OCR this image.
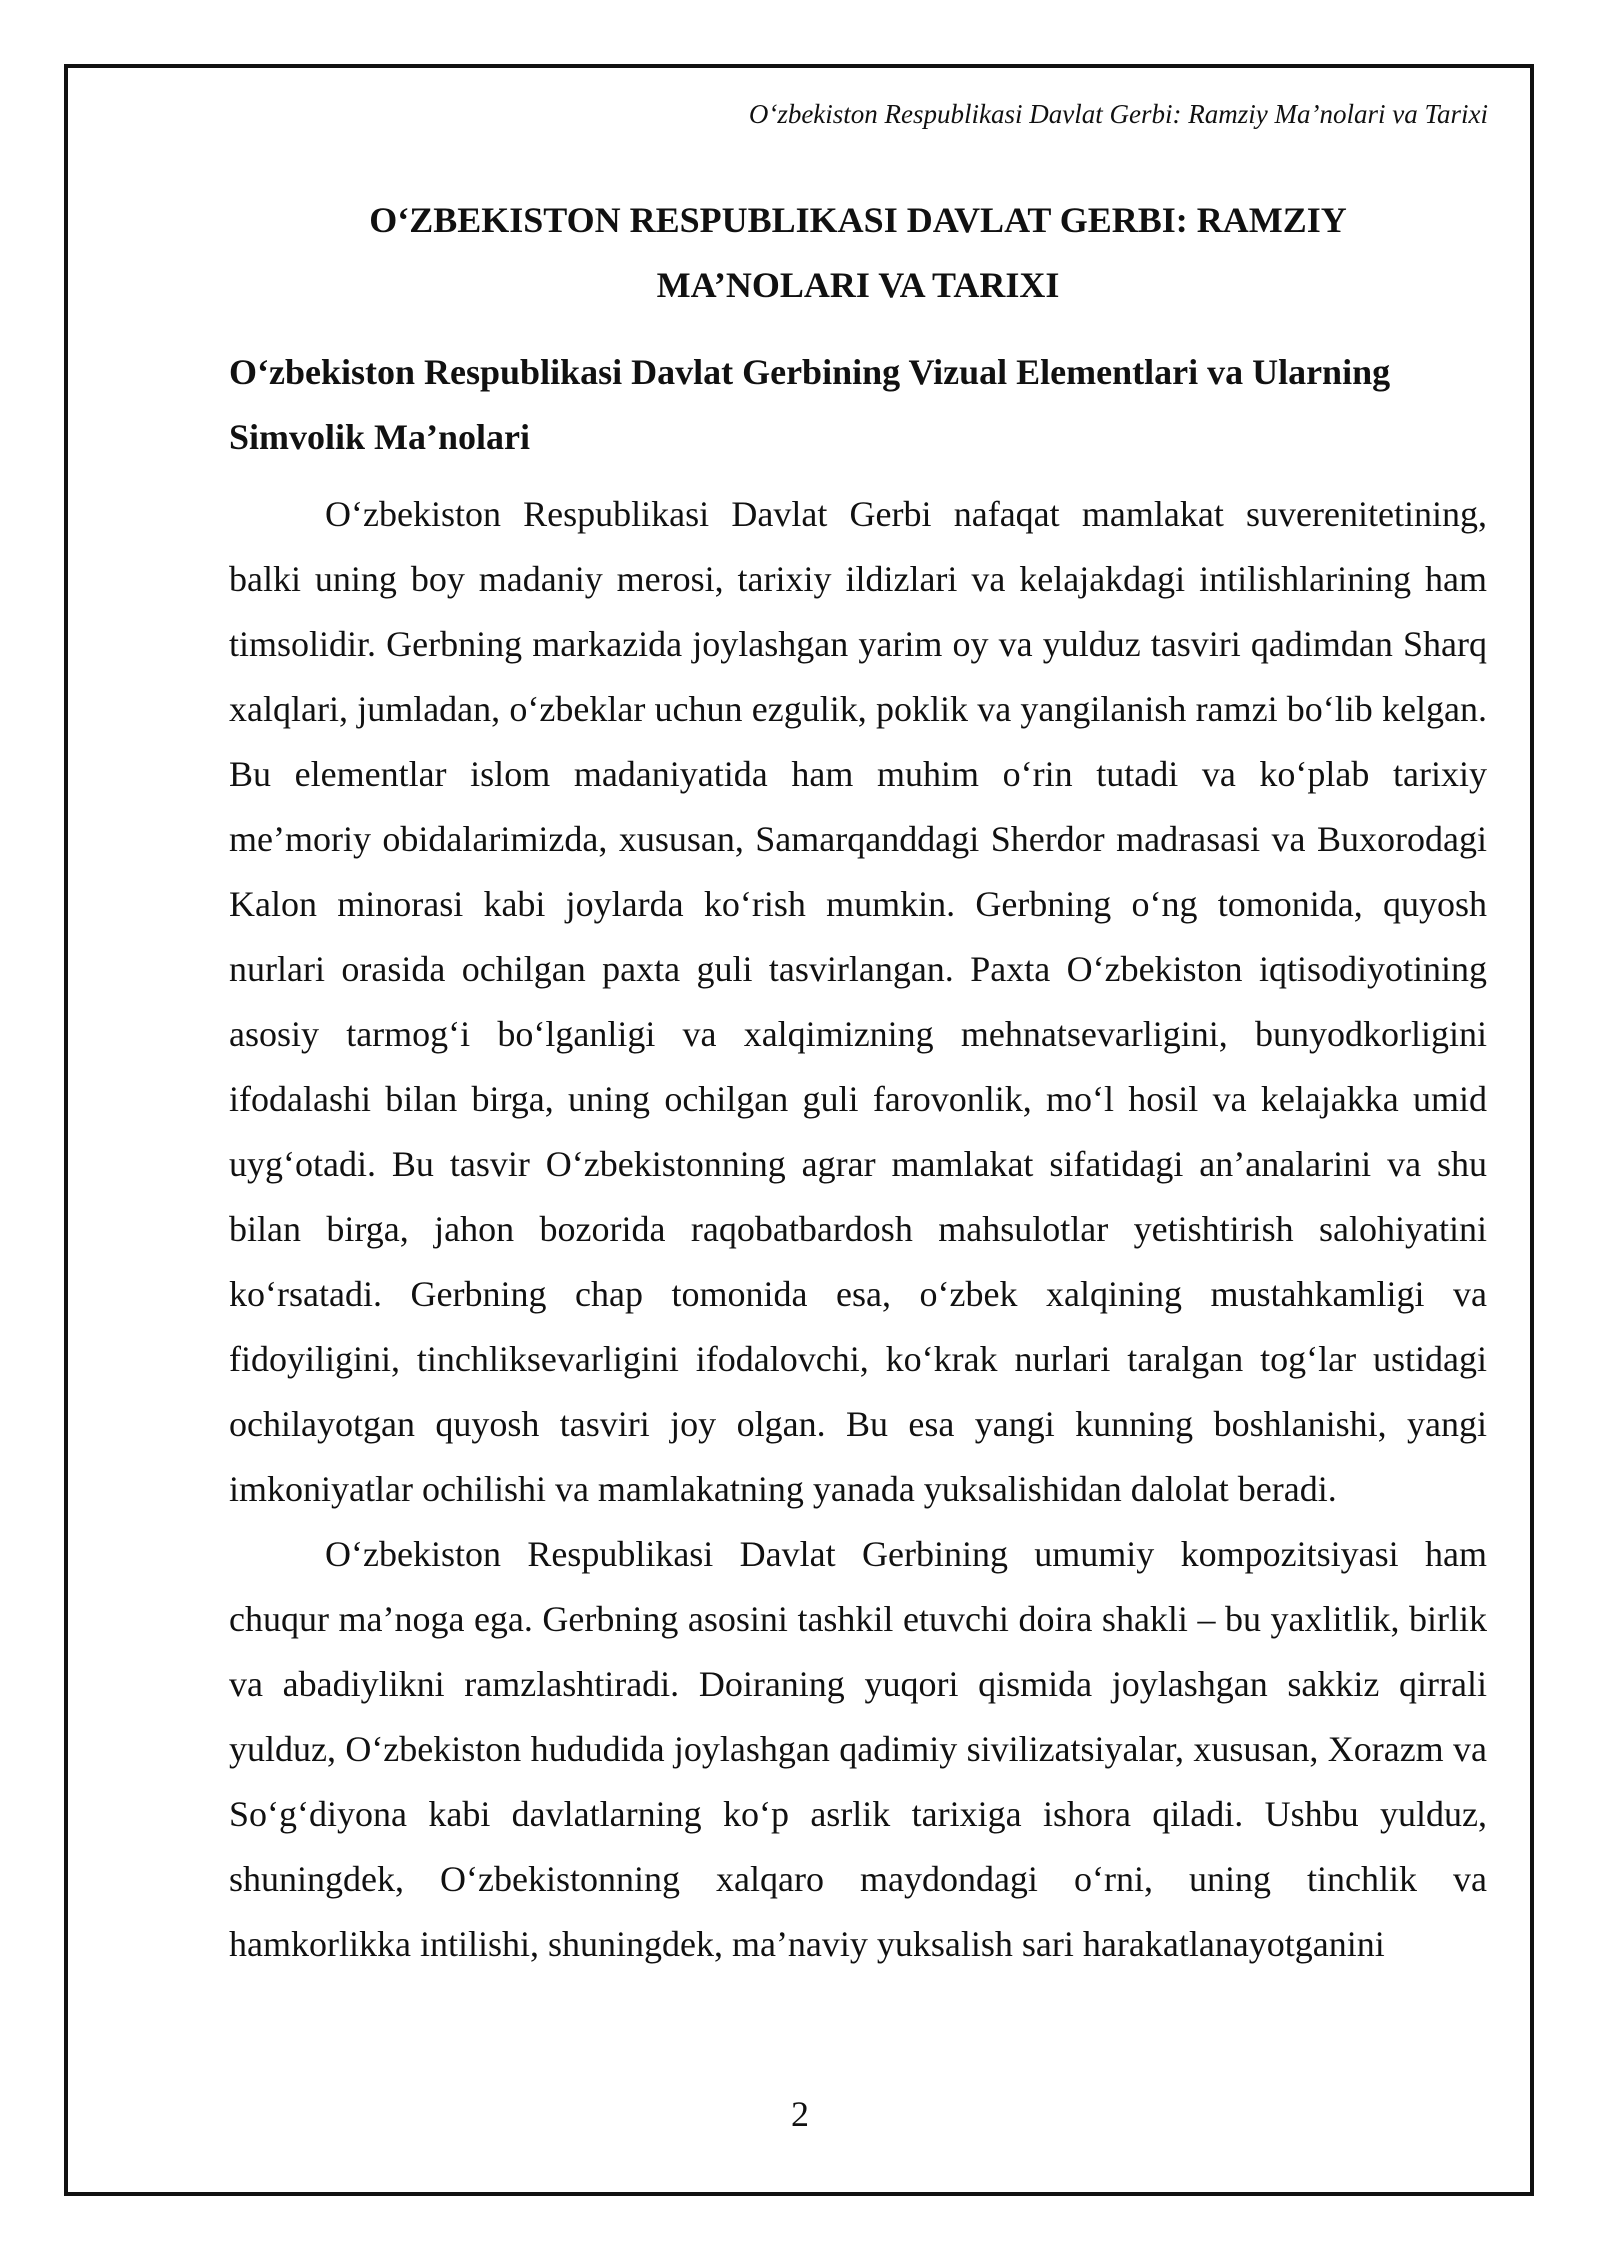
O‘zbekiston Respublikasi Davlat Gerbi: Ramziy Ma’nolari va Tarixi
O‘ZBEKISTON RESPUBLIKASI DAVLAT GERBI: RAMZIY
MA’NOLARI VA TARIXI
O‘zbekiston Respublikasi Davlat Gerbining Vizual Elementlari va Ularning Simvolik Ma’nolari

O‘zbekiston Respublikasi Davlat Gerbi nafaqat mamlakat suverenitetining, balki uning boy madaniy merosi, tarixiy ildizlari va kelajakdagi intilishlarining ham timsolidir. Gerbning markazida joylashgan yarim oy va yulduz tasviri qadimdan Sharq xalqlari, jumladan, o‘zbeklar uchun ezgulik, poklik va yangilanish ramzi bo‘lib kelgan. Bu elementlar islom madaniyatida ham muhim o‘rin tutadi va ko‘plab tarixiy me’moriy obidalarimizda, xususan, Samarqanddagi Sherdor madrasasi va Buxorodagi Kalon minorasi kabi joylarda ko‘rish mumkin. Gerbning o‘ng tomonida, quyosh nurlari orasida ochilgan paxta guli tasvirlangan. Paxta O‘zbekiston iqtisodiyotining asosiy tarmog‘i bo‘lganligi va xalqimizning mehnatsevarligini, bunyodkorligini ifodalashi bilan birga, uning ochilgan guli farovonlik, mo‘l hosil va kelajakka umid uyg‘otadi. Bu tasvir O‘zbekistonning agrar mamlakat sifatidagi an’analarini va shu bilan birga, jahon bozorida raqobatbardosh mahsulotlar yetishtirish salohiyatini ko‘rsatadi. Gerbning chap tomonida esa, o‘zbek xalqining mustahkamligi va fidoyiligini, tinchliksevarligini ifodalovchi, ko‘krak nurlari taralgan tog‘lar ustidagi ochilayotgan quyosh tasviri joy olgan. Bu esa yangi kunning boshlanishi, yangi imkoniyatlar ochilishi va mamlakatning yanada yuksalishidan dalolat beradi.

O‘zbekiston Respublikasi Davlat Gerbining umumiy kompozitsiyasi ham chuqur ma’noga ega. Gerbning asosini tashkil etuvchi doira shakli – bu yaxlitlik, birlik va abadiylikni ramzlashtiradi. Doiraning yuqori qismida joylashgan sakkiz qirrali yulduz, O‘zbekiston hududida joylashgan qadimiy sivilizatsiyalar, xususan, Xorazm va So‘g‘diyona kabi davlatlarning ko‘p asrlik tarixiga ishora qiladi. Ushbu yulduz, shuningdek, O‘zbekistonning xalqaro maydondagi o‘rni, uning tinchlik va hamkorlikka intilishi, shuningdek, ma’naviy yuksalish sari harakatlanayotganini

2
